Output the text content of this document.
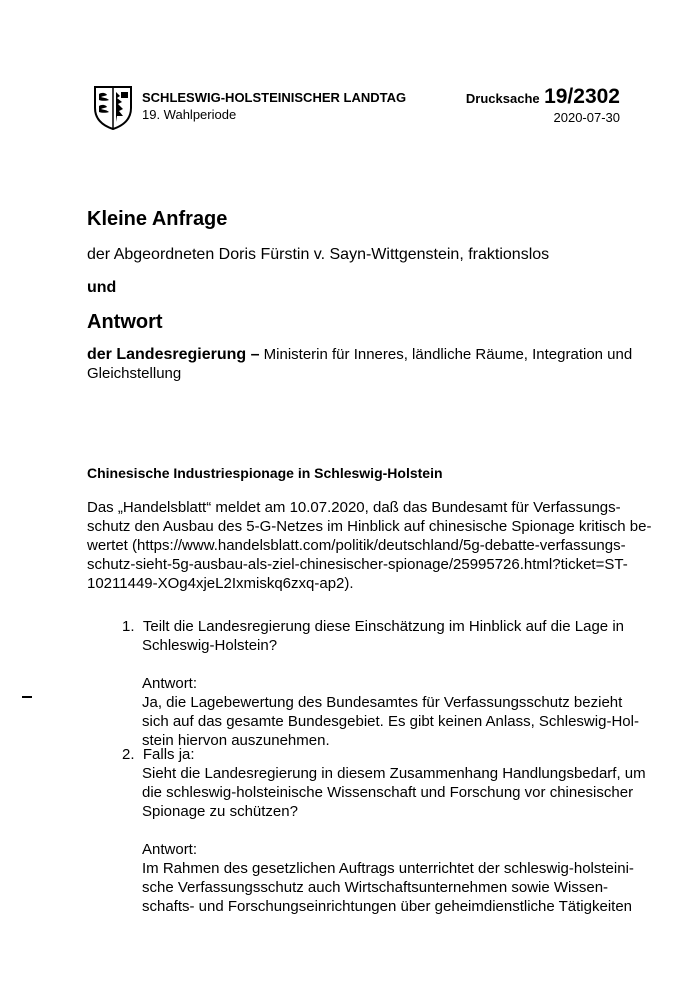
SCHLESWIG-HOLSTEINISCHER LANDTAG
19. Wahlperiode
Drucksache 19/2302
2020-07-30
Kleine Anfrage
der Abgeordneten Doris Fürstin v. Sayn-Wittgenstein, fraktionslos
und
Antwort
der Landesregierung – Ministerin für Inneres, ländliche Räume, Integration und
Gleichstellung
Chinesische Industriespionage in Schleswig-Holstein
Das „Handelsblatt“ meldet am 10.07.2020, daß das Bundesamt für Verfassungs-
schutz den Ausbau des 5-G-Netzes im Hinblick auf chinesische Spionage kritisch be-
wertet (https://www.handelsblatt.com/politik/deutschland/5g-debatte-verfassungs-
schutz-sieht-5g-ausbau-als-ziel-chinesischer-spionage/25995726.html?ticket=ST-
10211449-XOg4xjeL2Ixmiskq6zxq-ap2).
1. Teilt die Landesregierung diese Einschätzung im Hinblick auf die Lage in
Schleswig-Holstein?
Antwort:
Ja, die Lagebewertung des Bundesamtes für Verfassungsschutz bezieht
sich auf das gesamte Bundesgebiet. Es gibt keinen Anlass, Schleswig-Hol-
stein hiervon auszunehmen.
2. Falls ja:
Sieht die Landesregierung in diesem Zusammenhang Handlungsbedarf, um
die schleswig-holsteinische Wissenschaft und Forschung vor chinesischer
Spionage zu schützen?
Antwort:
Im Rahmen des gesetzlichen Auftrags unterrichtet der schleswig-holsteini-
sche Verfassungsschutz auch Wirtschaftsunternehmen sowie Wissen-
schafts- und Forschungseinrichtungen über geheimdienstliche Tätigkeiten
